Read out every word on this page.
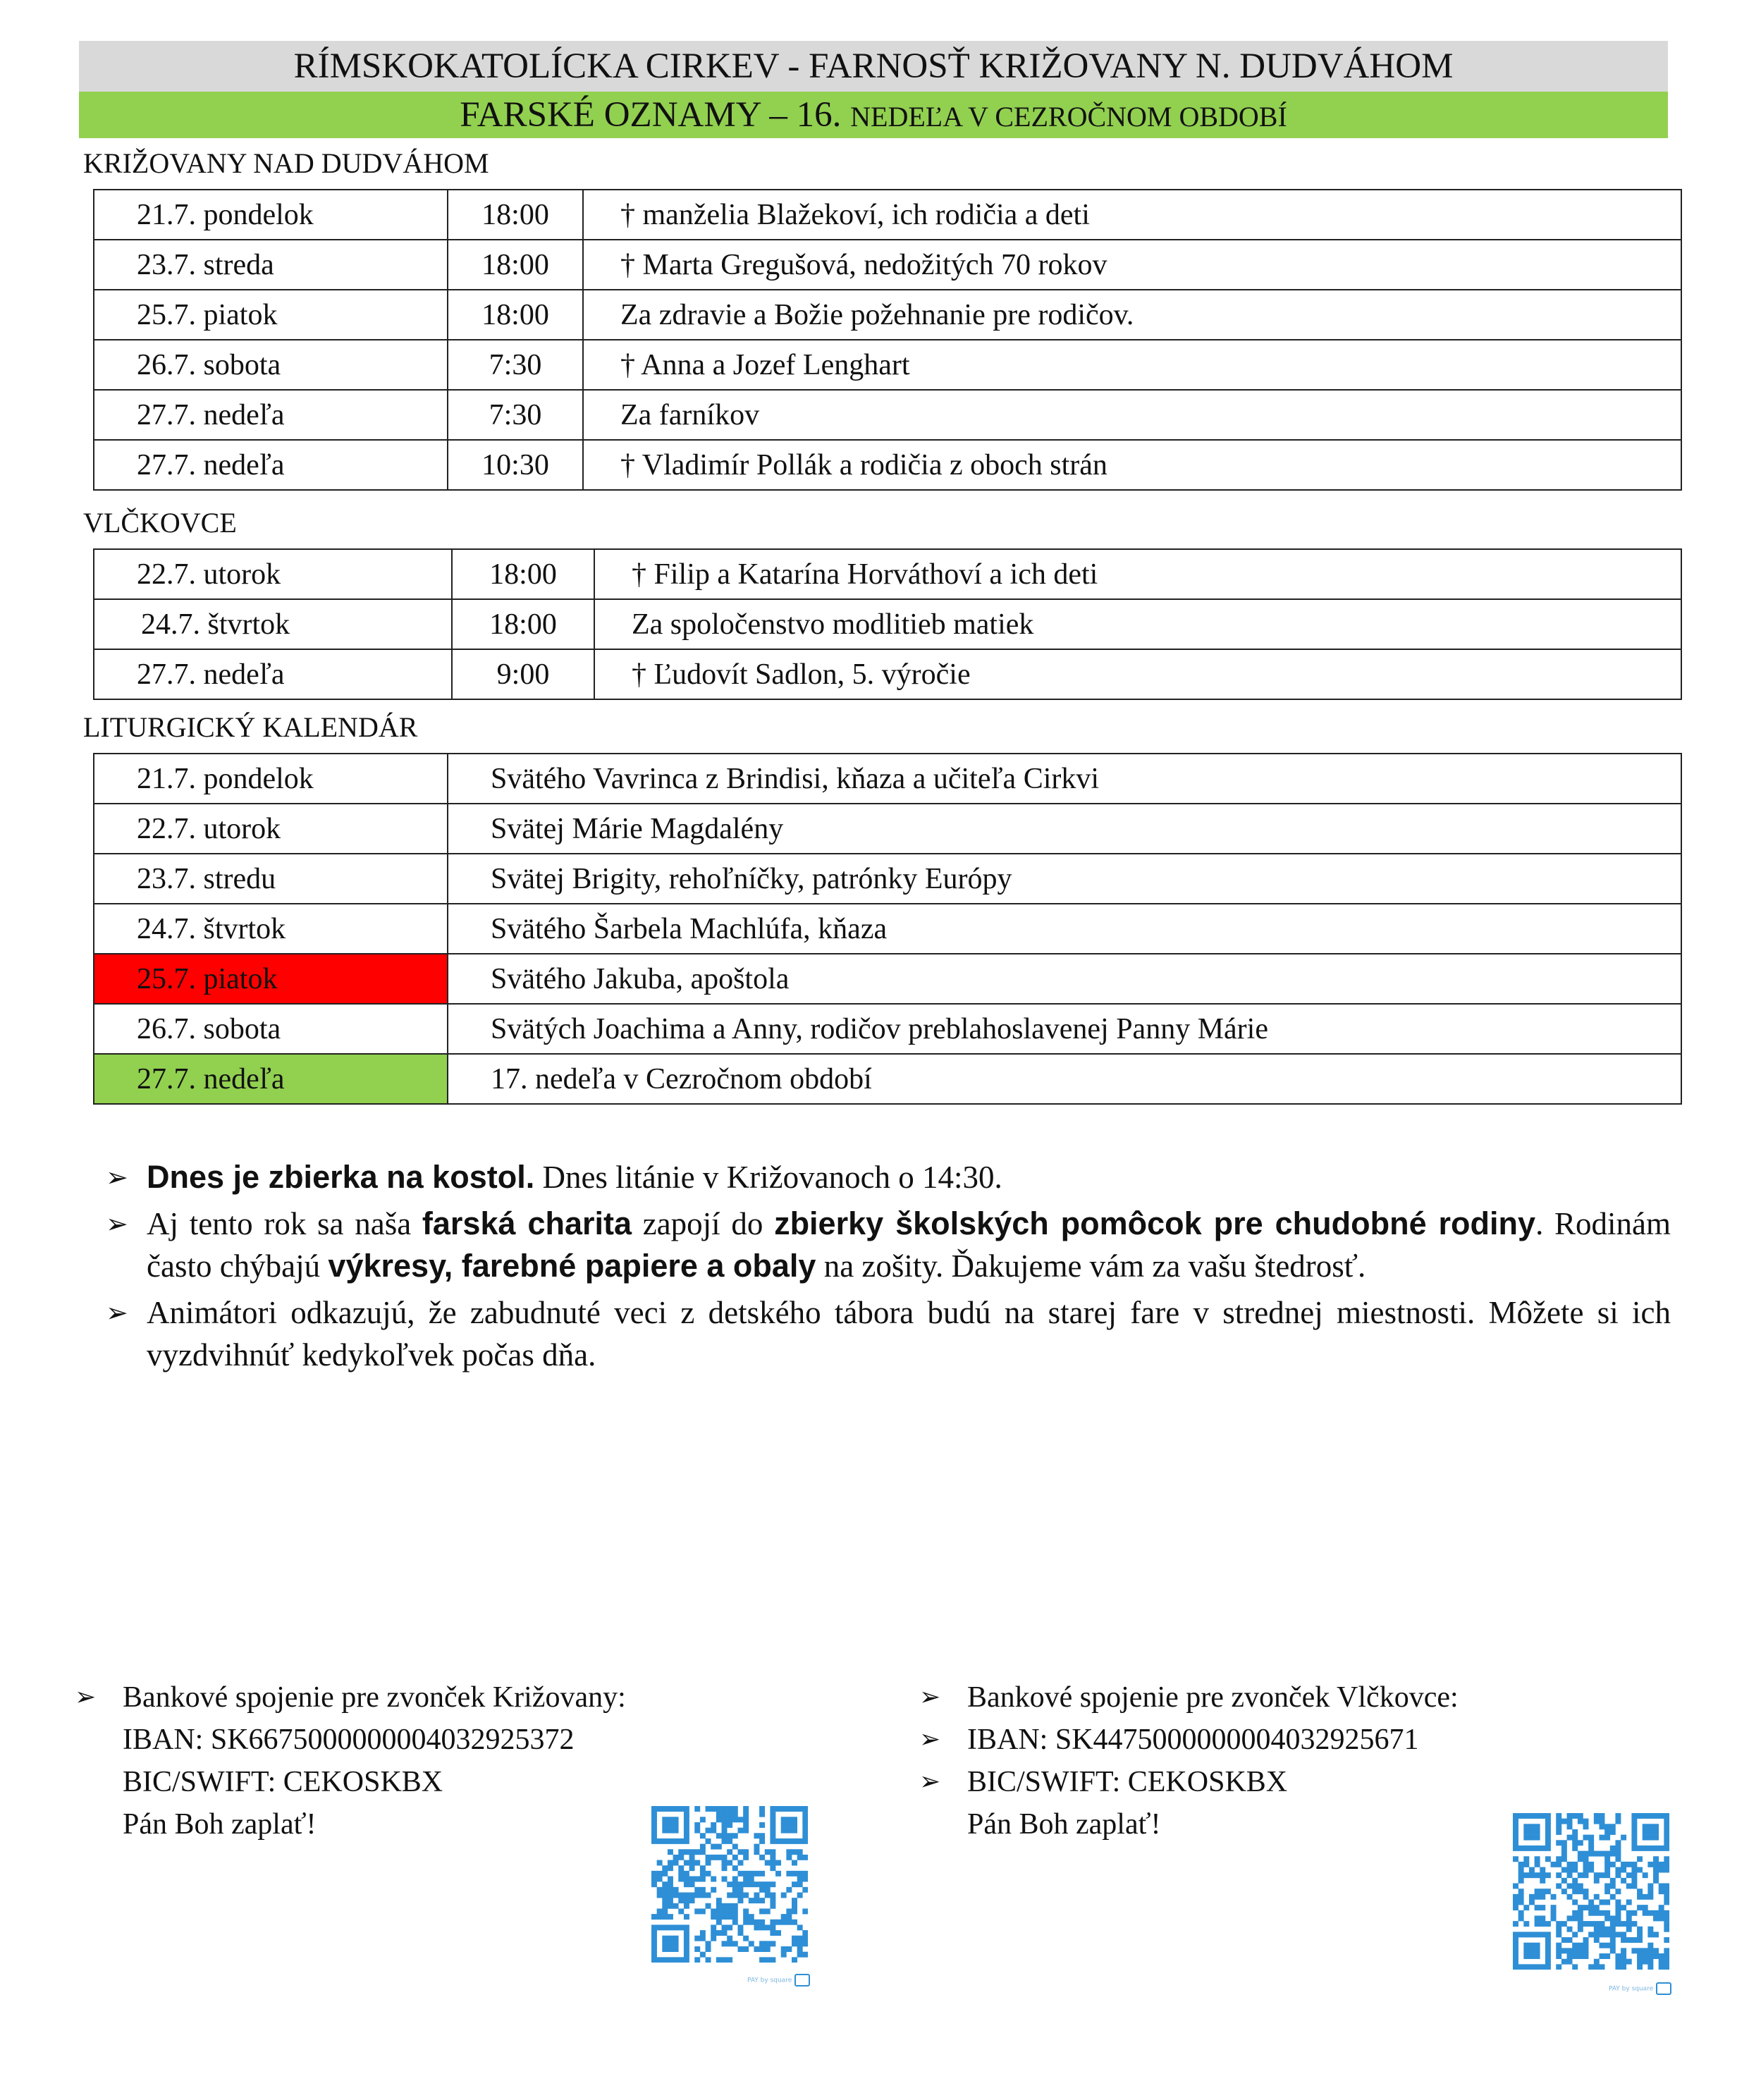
RÍMSKOKATOLÍCKA CIRKEV - FARNOSŤ KRIŽOVANY N. DUDVÁHOM
FARSKÉ OZNAMY – 16. NEDEĽA V CEZROČNOM OBDOBÍ
KRIŽOVANY NAD DUDVÁHOM
21.7. pondelok	18:00	† manželia Blažekoví, ich rodičia a deti
23.7. streda	18:00	† Marta Gregušová, nedožitých 70 rokov
25.7. piatok	18:00	Za zdravie a Božie požehnanie pre rodičov.
26.7. sobota	7:30	† Anna a Jozef Lenghart
27.7. nedeľa	7:30	Za farníkov
27.7. nedeľa	10:30	† Vladimír Pollák a rodičia z oboch strán
VLČKOVCE
22.7. utorok	18:00	† Filip a Katarína Horváthoví a ich deti
24.7. štvrtok	18:00	Za spoločenstvo modlitieb matiek
27.7. nedeľa	9:00	† Ľudovít Sadlon, 5. výročie
LITURGICKÝ KALENDÁR
21.7. pondelok	Svätého Vavrinca z Brindisi, kňaza a učiteľa Cirkvi
22.7. utorok	Svätej Márie Magdalény
23.7. stredu	Svätej Brigity, rehoľníčky, patrónky Európy
24.7. štvrtok	Svätého Šarbela Machlúfa, kňaza
25.7. piatok	Svätého Jakuba, apoštola
26.7. sobota	Svätých Joachima a Anny, rodičov preblahoslavenej Panny Márie
27.7. nedeľa	17. nedeľa v Cezročnom období
➢ Dnes je zbierka na kostol. Dnes litánie v Križovanoch o 14:30.
➢ Aj tento rok sa naša farská charita zapojí do zbierky školských pomôcok pre chudobné rodiny. Rodinám často chýbajú výkresy, farebné papiere a obaly na zošity. Ďakujeme vám za vašu štedrosť.
➢ Animátori odkazujú, že zabudnuté veci z detského tábora budú na starej fare v strednej miestnosti. Môžete si ich vyzdvihnúť kedykoľvek počas dňa.
➢ Bankové spojenie pre zvonček Križovany:
IBAN: SK6675000000004032925372
BIC/SWIFT: CEKOSKBX
Pán Boh zaplať!
➢ Bankové spojenie pre zvonček Vlčkovce:
➢ IBAN: SK4475000000004032925671
➢ BIC/SWIFT: CEKOSKBX
Pán Boh zaplať!
PAY by square
PAY by square
